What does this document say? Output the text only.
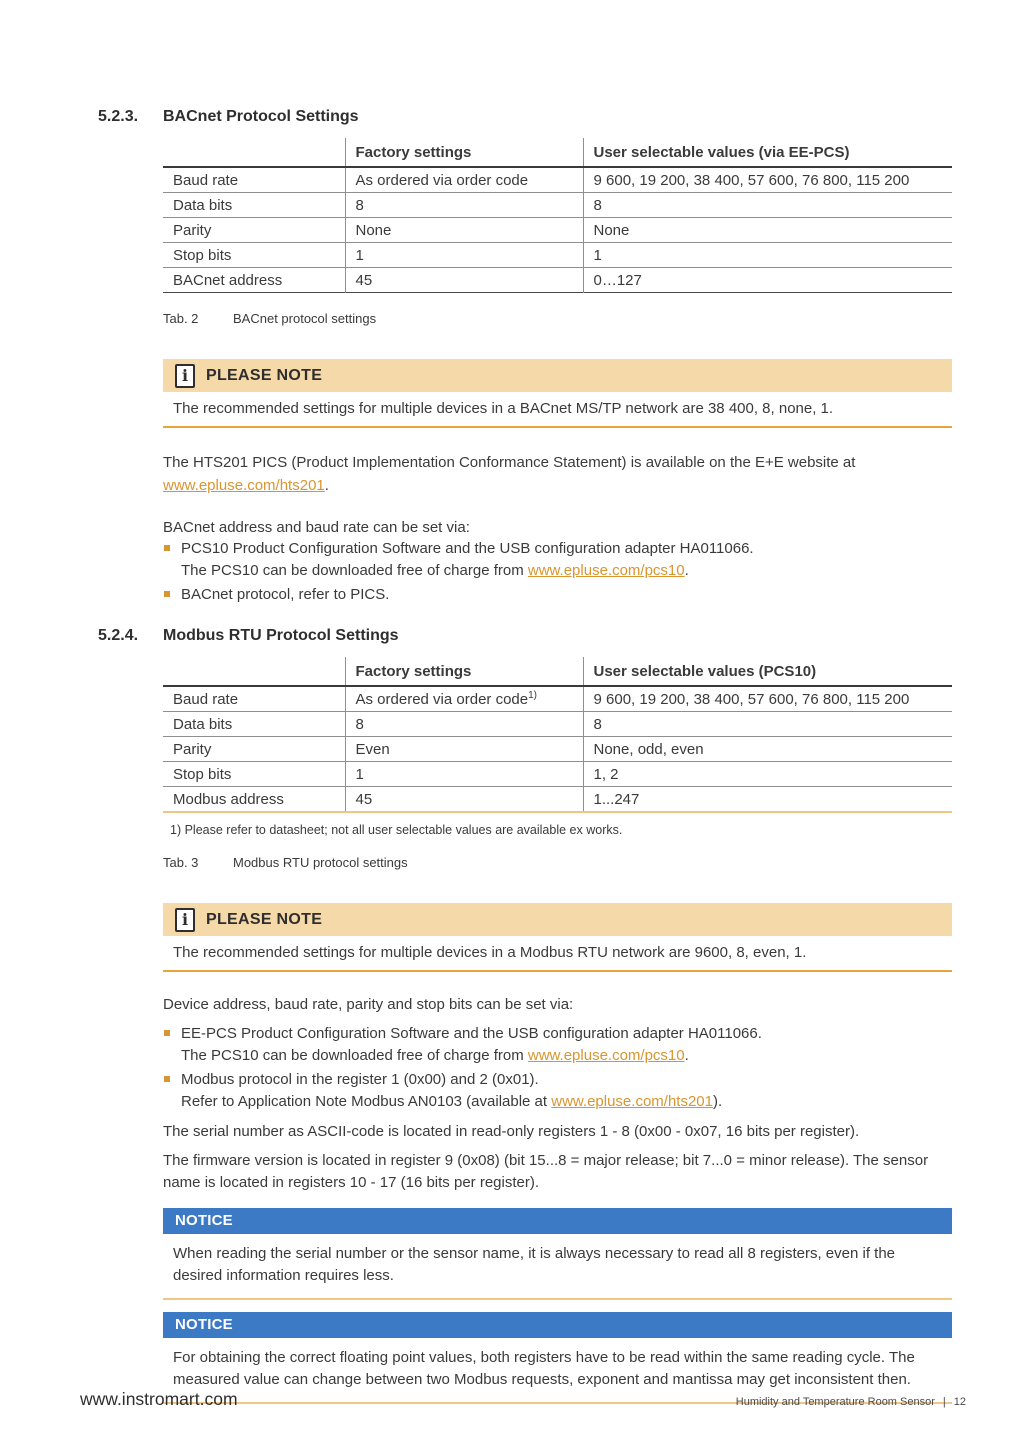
5.2.3.	BACnet Protocol Settings
	Factory settings	User selectable values (via EE-PCS)
Baud rate	As ordered via order code	9 600, 19 200, 38 400, 57 600, 76 800, 115 200
Data bits	8	8
Parity	None	None
Stop bits	1	1
BACnet address	45	0…127
Tab. 2	BACnet protocol settings
i	PLEASE NOTE
The recommended settings for multiple devices in a BACnet MS/TP network are 38 400, 8, none, 1.

The HTS201 PICS (Product Implementation Conformance Statement) is available on the E+E website at www.epluse.com/hts201.

BACnet address and baud rate can be set via:

PCS10 Product Configuration Software and the USB configuration adapter HA011066.
The PCS10 can be downloaded free of charge from www.epluse.com/pcs10.
BACnet protocol, refer to PICS.
5.2.4.	Modbus RTU Protocol Settings
	Factory settings	User selectable values (PCS10)
Baud rate	As ordered via order code$^{1)}$	9 600, 19 200, 38 400, 57 600, 76 800, 115 200
Data bits	8	8
Parity	Even	None, odd, even
Stop bits	1	1, 2
Modbus address	45	1...247
1) Please refer to datasheet; not all user selectable values are available ex works.
Tab. 3	Modbus RTU protocol settings
i	PLEASE NOTE
The recommended settings for multiple devices in a Modbus RTU network are 9600, 8, even, 1.

Device address, baud rate, parity and stop bits can be set via:

EE-PCS Product Configuration Software and the USB configuration adapter HA011066.
The PCS10 can be downloaded free of charge from www.epluse.com/pcs10.
Modbus protocol in the register 1 (0x00) and 2 (0x01).
Refer to Application Note Modbus AN0103 (available at www.epluse.com/hts201).

The serial number as ASCII-code is located in read-only registers 1 - 8 (0x00 - 0x07, 16 bits per register).

The firmware version is located in register 9 (0x08) (bit 15...8 = major release; bit 7...0 = minor release). The sensor name is located in registers 10 - 17 (16 bits per register).

NOTICE
When reading the serial number or the sensor name, it is always necessary to read all 8 registers, even if the desired information requires less.
NOTICE
For obtaining the correct floating point values, both registers have to be read within the same reading cycle. The measured value can change between two Modbus requests, exponent and mantissa may get inconsistent then.
www.instromart.com	Humidity and Temperature Room Sensor | 12
